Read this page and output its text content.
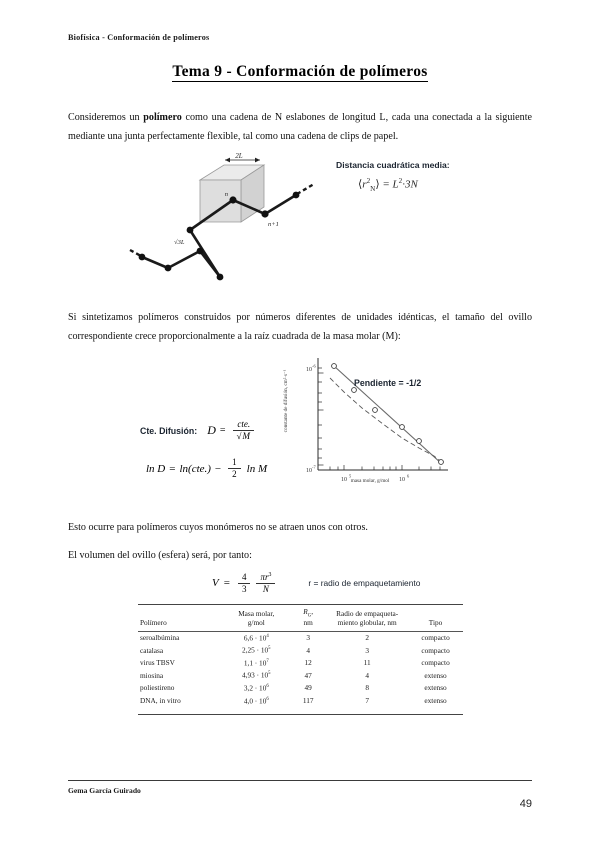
Biofísica - Conformación de polímeros
Tema 9 - Conformación de polímeros
Consideremos un polímero como una cadena de N eslabones de longitud L, cada una conectada a la siguiente mediante una junta perfectamente flexible, tal como una cadena de clips de papel.
2L
n
n+1
√3L
Distancia cuadrática media:
$⟨r^2_N⟩ = L^2\cdot 3N$
Si sintetizamos polímeros construidos por números diferentes de unidades idénticas, el tamaño del ovillo correspondiente crece proporcionalmente a la raíz cuadrada de la masa molar (M):
Cte. Difusión: $D = \frac{\text{cte.}}{√M}$
$\ln D = \ln(cte.) - \frac{1}{2}$ ln M
10
-6
10
-7
10
5
10
6
Pendiente = -1/2
constante de difusión, cm²·s⁻¹
masa molar, g/mol
Esto ocurre para polímeros cuyos monómeros no se atraen unos con otros.
El volumen del ovillo (esfera) será, por tanto:
$V = \frac{4}{3} \frac{\pi r^3}{N}$	r = radio de empaquetamiento
Polímero	Masa molar,
g/mol	$R_G$,
nm	Radio de empaqueta-
miento globular, nm	Tipo
seroalbúmina	$6,6 \cdot 10^4$	3	2	compacto
catalasa	$2,25 \cdot 10^5$	4	3	compacto
virus TBSV	$1,1 \cdot 10^7$	12	11	compacto
miosina	$4,93 \cdot 10^5$	47	4	extenso
poliestireno	$3,2 \cdot 10^6$	49	8	extenso
DNA, in vitro	$4,0 \cdot 10^6$	117	7	extenso
Gema García Guirado
49
